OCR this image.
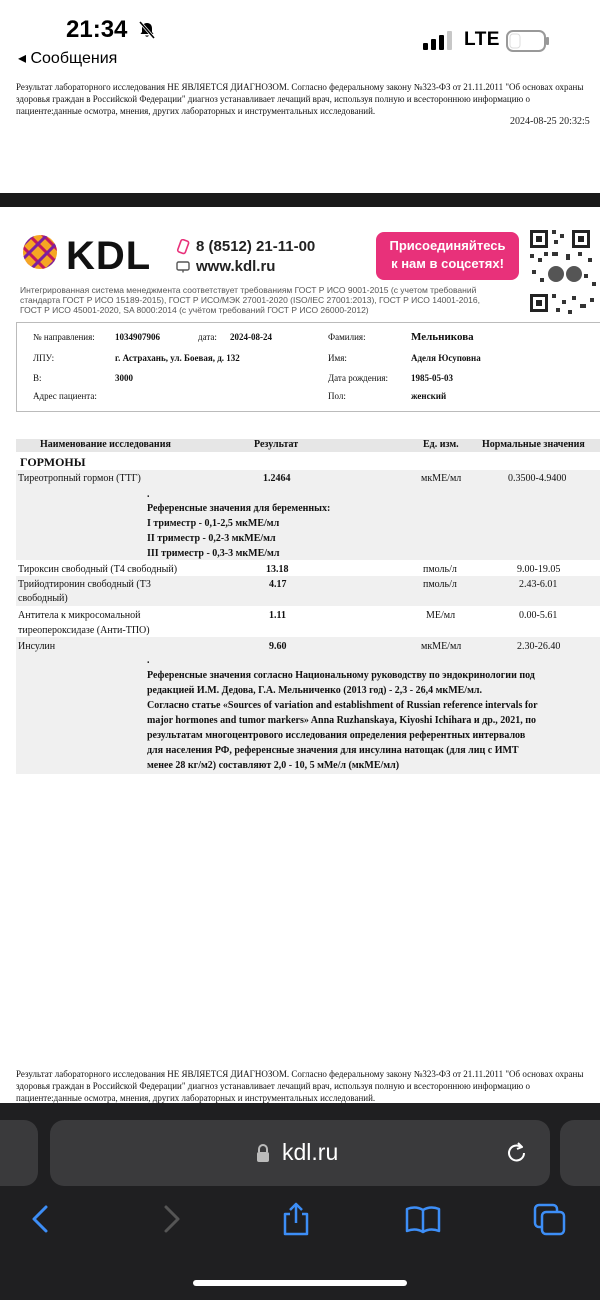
21:34
◂ Сообщения
LTE
Результат лабораторного исследования НЕ ЯВЛЯЕТСЯ ДИАГНОЗОМ. Согласно федеральному закону №323-ФЗ от 21.11.2011 "Об основах охраны
здоровья граждан в Российской Федерации" диагноз устанавливает лечащий врач, используя полную и всестороннюю информацию о
пациенте:данные осмотра, мнения, других лабораторных и инструментальных исследований.
2024-08-25 20:32:5
KDL	8 (8512) 21-11-00
www.kdl.ru
Присоединяйтесь
к нам в соцсетях!
Интегрированная система менеджмента соответствует требованиям ГОСТ Р ИСО 9001-2015 (с учетом требований
стандарта ГОСТ Р ИСО 15189-2015), ГОСТ Р ИСО/МЭК 27001-2020 (ISO/IEC 27001:2013), ГОСТ Р ИСО 14001-2016,
ГОСТ Р ИСО 45001-2020, SA 8000:2014 (с учётом требований ГОСТ Р ИСО 26000-2012)
№ направления: 1034907906	дата: 2024-08-24	Фамилия:	Мельникова
ЛПУ:	г. Астрахань, ул. Боевая, д. 132	Имя:	Аделя Юсуповна
В:	3000	Дата рождения:	1985-05-03
Адрес пациента:	Пол:	женский
Наименование исследования	Результат	Ед. изм. Нормальные значения
ГОРМОНЫ
Тиреотропный гормон (ТТГ)	1.2464	мкМЕ/мл	0.3500-4.9400
.
Референсные значения для беременных:
I триместр - 0,1-2,5 мкМЕ/мл
II триместр - 0,2-3 мкМЕ/мл
III триместр - 0,3-3 мкМЕ/мл
Тироксин свободный (Т4 свободный)	13.18	пмоль/л	9.00-19.05
Трийодтиронин свободный (Т3
свободный)
4.17	пмоль/л	2.43-6.01
Антитела к микросомальной
тиреопероксидазе (Анти-ТПО)
1.11	МЕ/мл	0.00-5.61
Инсулин	9.60	мкМЕ/мл	2.30-26.40
.
Референсные значения согласно Национальному руководству по эндокринологии под
редакцией И.М. Дедова, Г.А. Мельниченко (2013 год) - 2,3 - 26,4 мкМЕ/мл.
Согласно статье «Sources of variation and establishment of Russian reference intervals for
major hormones and tumor markers» Anna Ruzhanskaya, Kiyoshi Ichihara и др., 2021, по
результатам многоцентрового исследования определения референтных интервалов
для населения РФ, референсные значения для инсулина натощак (для лиц с ИМТ
менее 28 кг/м2) составляют 2,0 - 10, 5 мМе/л (мкМЕ/мл)
Результат лабораторного исследования НЕ ЯВЛЯЕТСЯ ДИАГНОЗОМ. Согласно федеральному закону №323-ФЗ от 21.11.2011 "Об основах охраны
здоровья граждан в Российской Федерации" диагноз устанавливает лечащий врач, используя полную и всестороннюю информацию о
пациенте:данные осмотра, мнения, других лабораторных и инструментальных исследований.
kdl.ru
